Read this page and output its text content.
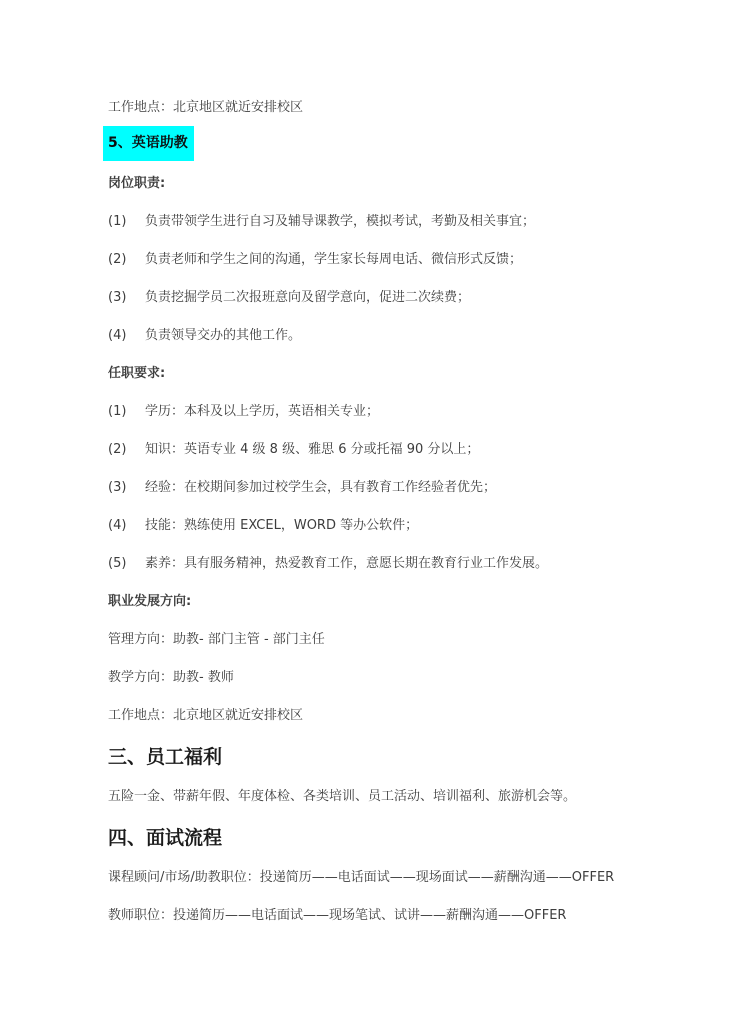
工作地点：北京地区就近安排校区

5、英语助教

岗位职责:

(1)	负责带领学生进行自习及辅导课教学，模拟考试，考勤及相关事宜；
(2)	负责老师和学生之间的沟通，学生家长每周电话、微信形式反馈；
(3)	负责挖掘学员二次报班意向及留学意向，促进二次续费；
(4)	负责领导交办的其他工作。

任职要求:

(1)	学历：本科及以上学历，英语相关专业；
(2)	知识：英语专业 4 级 8 级、雅思 6 分或托福 90 分以上；
(3)	经验：在校期间参加过校学生会，具有教育工作经验者优先；
(4)	技能：熟练使用 EXCEL，WORD 等办公软件；
(5)	素养：具有服务精神，热爱教育工作，意愿长期在教育行业工作发展。

职业发展方向:

管理方向：助教- 部门主管 - 部门主任

教学方向：助教- 教师

工作地点：北京地区就近安排校区

三、员工福利

五险一金、带薪年假、年度体检、各类培训、员工活动、培训福利、旅游机会等。

四、面试流程

课程顾问/市场/助教职位：投递简历——电话面试——现场面试——薪酬沟通——OFFER

教师职位：投递简历——电话面试——现场笔试、试讲——薪酬沟通——OFFER
